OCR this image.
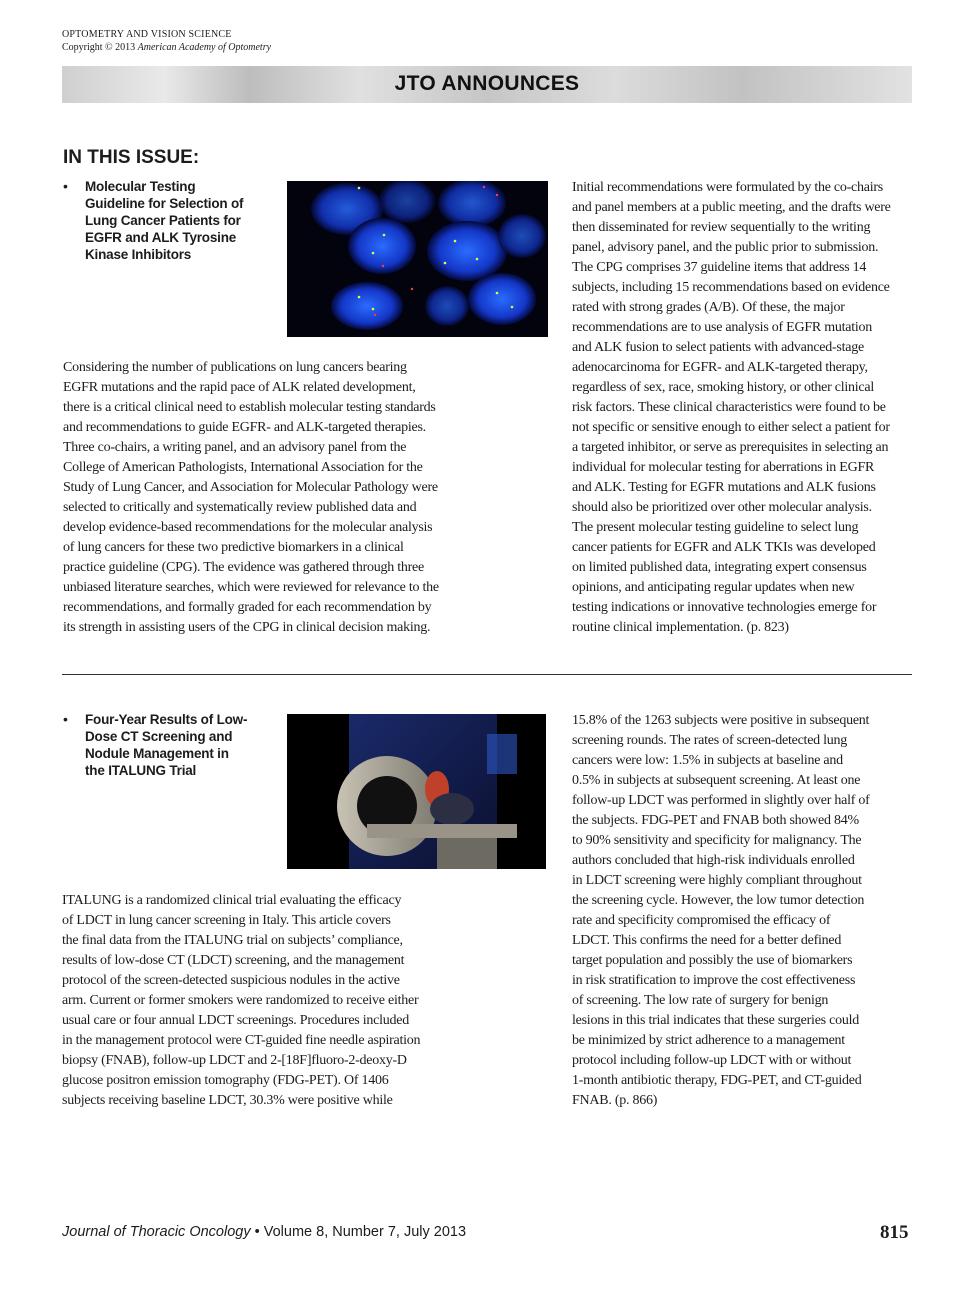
OPTOMETRY AND VISION SCIENCE
Copyright © 2013 American Academy of Optometry
JTO ANNOUNCES
IN THIS ISSUE:
• Molecular Testing
Guideline for Selection of
Lung Cancer Patients for
EGFR and ALK Tyrosine
Kinase Inhibitors

Considering the number of publications on lung cancers bearing

EGFR mutations and the rapid pace of ALK related development,

there is a critical clinical need to establish molecular testing standards

and recommendations to guide EGFR- and ALK-targeted therapies.

Three co-chairs, a writing panel, and an advisory panel from the

College of American Pathologists, International Association for the

Study of Lung Cancer, and Association for Molecular Pathology were

selected to critically and systematically review published data and

develop evidence-based recommendations for the molecular analysis

of lung cancers for these two predictive biomarkers in a clinical

practice guideline (CPG). The evidence was gathered through three

unbiased literature searches, which were reviewed for relevance to the

recommendations, and formally graded for each recommendation by

its strength in assisting users of the CPG in clinical decision making.

Initial recommendations were formulated by the co-chairs

and panel members at a public meeting, and the drafts were

then disseminated for review sequentially to the writing

panel, advisory panel, and the public prior to submission.

The CPG comprises 37 guideline items that address 14

subjects, including 15 recommendations based on evidence

rated with strong grades (A/B). Of these, the major

recommendations are to use analysis of EGFR mutation

and ALK fusion to select patients with advanced-stage

adenocarcinoma for EGFR- and ALK-targeted therapy,

regardless of sex, race, smoking history, or other clinical

risk factors. These clinical characteristics were found to be

not specific or sensitive enough to either select a patient for

a targeted inhibitor, or serve as prerequisites in selecting an

individual for molecular testing for aberrations in EGFR

and ALK. Testing for EGFR mutations and ALK fusions

should also be prioritized over other molecular analysis.

The present molecular testing guideline to select lung

cancer patients for EGFR and ALK TKIs was developed

on limited published data, integrating expert consensus

opinions, and anticipating regular updates when new

testing indications or innovative technologies emerge for

routine clinical implementation. (p. 823)

• Four-Year Results of Low-
Dose CT Screening and
Nodule Management in
the ITALUNG Trial

ITALUNG is a randomized clinical trial evaluating the efficacy

of LDCT in lung cancer screening in Italy. This article covers

the final data from the ITALUNG trial on subjects’ compliance,

results of low-dose CT (LDCT) screening, and the management

protocol of the screen-detected suspicious nodules in the active

arm. Current or former smokers were randomized to receive either

usual care or four annual LDCT screenings. Procedures included

in the management protocol were CT-guided fine needle aspiration

biopsy (FNAB), follow-up LDCT and 2-[18F]fluoro-2-deoxy-D

glucose positron emission tomography (FDG-PET). Of 1406

subjects receiving baseline LDCT, 30.3% were positive while

15.8% of the 1263 subjects were positive in subsequent

screening rounds. The rates of screen-detected lung

cancers were low: 1.5% in subjects at baseline and

0.5% in subjects at subsequent screening. At least one

follow-up LDCT was performed in slightly over half of

the subjects. FDG-PET and FNAB both showed 84%

to 90% sensitivity and specificity for malignancy. The

authors concluded that high-risk individuals enrolled

in LDCT screening were highly compliant throughout

the screening cycle. However, the low tumor detection

rate and specificity compromised the efficacy of

LDCT. This confirms the need for a better defined

target population and possibly the use of biomarkers

in risk stratification to improve the cost effectiveness

of screening. The low rate of surgery for benign

lesions in this trial indicates that these surgeries could

be minimized by strict adherence to a management

protocol including follow-up LDCT with or without

1-month antibiotic therapy, FDG-PET, and CT-guided

FNAB. (p. 866)

Journal of Thoracic Oncology • Volume 8, Number 7, July 2013	815
